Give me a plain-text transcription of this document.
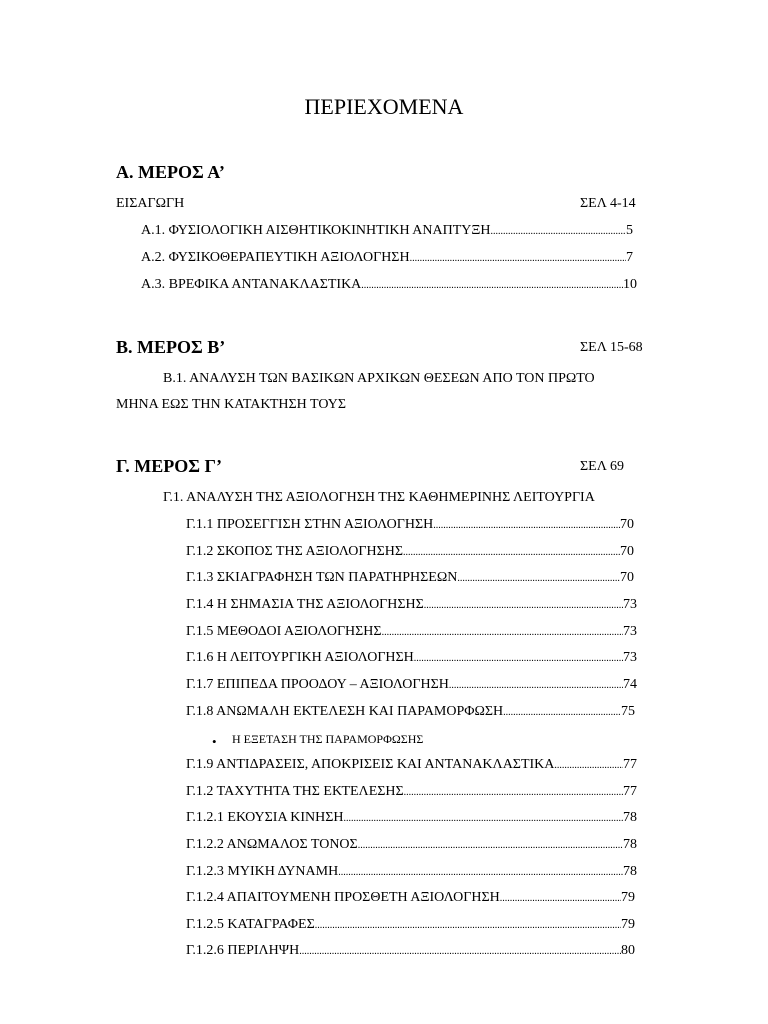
ΠΕΡΙΕΧΟΜΕΝΑ
Α. ΜΕΡΟΣ Α’
ΕΙΣΑΓΩΓΗ	ΣΕΛ 4-14
Α.1. ΦΥΣΙΟΛΟΓΙΚΗ ΑΙΣΘΗΤΙΚΟΚΙΝΗΤΙΚΗ ΑΝΑΠΤΥΞΗ .....	5
Α.2. ΦΥΣΙΚΟΘΕΡΑΠΕΥΤΙΚΗ ΑΞΙΟΛΟΓΗΣΗ .....	7
Α.3. ΒΡΕΦΙΚΑ ΑΝΤΑΝΑΚΛΑΣΤΙΚΑ .....	10
Β. ΜΕΡΟΣ Β’	ΣΕΛ 15-68
Β.1. ΑΝΑΛΥΣΗ ΤΩΝ ΒΑΣΙΚΩΝ ΑΡΧΙΚΩΝ ΘΕΣΕΩΝ ΑΠΟ ΤΟΝ ΠΡΩΤΟ
ΜΗΝΑ ΕΩΣ ΤΗΝ ΚΑΤΑΚΤΗΣΗ ΤΟΥΣ
Γ. ΜΕΡΟΣ Γ’	ΣΕΛ 69
Γ.1. ΑΝΑΛΥΣΗ ΤΗΣ ΑΞΙΟΛΟΓΗΣΗ ΤΗΣ ΚΑΘΗΜΕΡΙΝΗΣ ΛΕΙΤΟΥΡΓΙΑ
Γ.1.1 ΠΡΟΣΕΓΓΙΣΗ ΣΤΗΝ ΑΞΙΟΛΟΓΗΣΗ .....	70
Γ.1.2 ΣΚΟΠΟΣ ΤΗΣ ΑΞΙΟΛΟΓΗΣΗΣ .....	70
Γ.1.3 ΣΚΙΑΓΡΑΦΗΣΗ ΤΩΝ ΠΑΡΑΤΗΡΗΣΕΩΝ .....	70
Γ.1.4 Η ΣΗΜΑΣΙΑ ΤΗΣ ΑΞΙΟΛΟΓΗΣΗΣ .....	73
Γ.1.5 ΜΕΘΟΔΟΙ ΑΞΙΟΛΟΓΗΣΗΣ .....	73
Γ.1.6 Η ΛΕΙΤΟΥΡΓΙΚΗ ΑΞΙΟΛΟΓΗΣΗ .....	73
Γ.1.7 ΕΠΙΠΕΔΑ ΠΡΟΟΔΟΥ – ΑΞΙΟΛΟΓΗΣΗ .....	74
Γ.1.8 ΑΝΩΜΑΛΗ ΕΚΤΕΛΕΣΗ ΚΑΙ ΠΑΡΑΜΟΡΦΩΣΗ .....	75
• Η ΕΞΕΤΑΣΗ ΤΗΣ ΠΑΡΑΜΟΡΦΩΣΗΣ
Γ.1.9 ΑΝΤΙΔΡΑΣΕΙΣ, ΑΠΟΚΡΙΣΕΙΣ ΚΑΙ ΑΝΤΑΝΑΚΛΑΣΤΙΚΑ .....	77
Γ.1.2 ΤΑΧΥΤΗΤΑ ΤΗΣ ΕΚΤΕΛΕΣΗΣ .....	77
Γ.1.2.1 ΕΚΟΥΣΙΑ ΚΙΝΗΣΗ .....	78
Γ.1.2.2 ΑΝΩΜΑΛΟΣ ΤΟΝΟΣ .....	78
Γ.1.2.3 ΜΥΙΚΗ ΔΥΝΑΜΗ .....	78
Γ.1.2.4 ΑΠΑΙΤΟΥΜΕΝΗ ΠΡΟΣΘΕΤΗ ΑΞΙΟΛΟΓΗΣΗ .....	79
Γ.1.2.5 ΚΑΤΑΓΡΑΦΕΣ .....	79
Γ.1.2.6 ΠΕΡΙΛΗΨΗ .....	80
